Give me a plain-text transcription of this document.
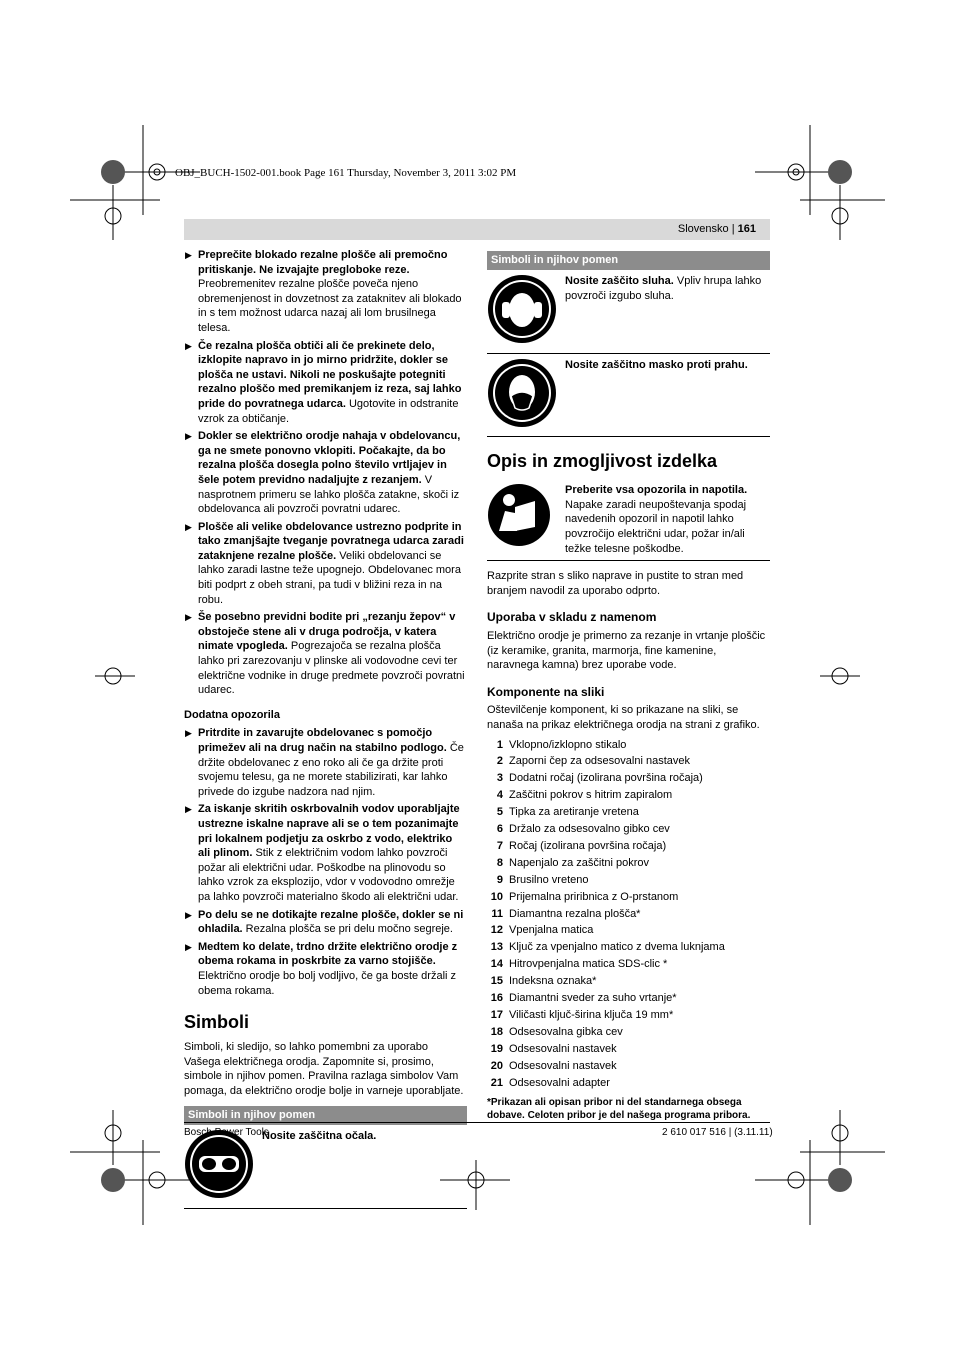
OBJ_BUCH-1502-001.book Page 161 Thursday, November 3, 2011 3:02 PM
Slovensko | 161
▶ Preprečite blokado rezalne plošče ali premočno pritiskanje. Ne izvajajte pregloboke reze. Preobremenitev rezalne plošče poveča njeno obremenjenost in dovzetnost za zataknitev ali blokado in s tem možnost udarca nazaj ali lom brusilnega telesa.
▶ Če rezalna plošča obtiči ali če prekinete delo, izklopite napravo in jo mirno pridržite, dokler se plošča ne ustavi. Nikoli ne poskušajte potegniti rezalno ploščo med premikanjem iz reza, saj lahko pride do povratnega udarca. Ugotovite in odstranite vzrok za obtičanje.
▶ Dokler se električno orodje nahaja v obdelovancu, ga ne smete ponovno vklopiti. Počakajte, da bo rezalna plošča dosegla polno število vrtljajev in šele potem previdno nadaljujte z rezanjem. V nasprotnem primeru se lahko plošča zatakne, skoči iz obdelovanca ali povzroči povratni udarec.
▶ Plošče ali velike obdelovance ustrezno podprite in tako zmanjšajte tveganje povratnega udarca zaradi zataknjene rezalne plošče. Veliki obdelovanci se lahko zaradi lastne teže upognejo. Obdelovanec mora biti podprt z obeh strani, pa tudi v bližini reza in na robu.
▶ Še posebno previdni bodite pri „rezanju žepov“ v obstoječe stene ali v druga področja, v katera nimate vpogleda. Pogrezajoča se rezalna plošča lahko pri zarezovanju v plinske ali vodovodne cevi ter električne vodnike in druge predmete povzroči povratni udarec.
Dodatna opozorila
▶ Pritrdite in zavarujte obdelovanec s pomočjo primežev ali na drug način na stabilno podlogo. Če držite obdelovanec z eno roko ali če ga držite proti svojemu telesu, ga ne morete stabilizirati, kar lahko privede do izgube nadzora nad njim.
▶ Za iskanje skritih oskrbovalnih vodov uporabljajte ustrezne iskalne naprave ali se o tem pozanimajte pri lokalnem podjetju za oskrbo z vodo, elektriko ali plinom. Stik z električnim vodom lahko povzroči požar ali električni udar. Poškodbe na plinovodu so lahko vzrok za eksplozijo, vdor v vodovodno omrežje pa lahko povzroči materialno škodo ali električni udar.
▶ Po delu se ne dotikajte rezalne plošče, dokler se ni ohladila. Rezalna plošča se pri delu močno segreje.
▶ Medtem ko delate, trdno držite električno orodje z obema rokama in poskrbite za varno stojišče. Električno orodje bo bolj vodljivo, če ga boste držali z obema rokama.
Simboli

Simboli, ki sledijo, so lahko pomembni za uporabo Vašega električnega orodja. Zapomnite si, prosimo, simbole in njihov pomen. Pravilna razlaga simbolov Vam pomaga, da električno orodje bolje in varneje uporabljate.

Simboli in njihov pomen
Nosite zaščitna očala.
Simboli in njihov pomen
Nosite zaščito sluha. Vpliv hrupa lahko povzroči izgubo sluha.
Nosite zaščitno masko proti prahu.
Opis in zmogljivost izdelka
Preberite vsa opozorila in napotila. Napake zaradi neupoštevanja spodaj navedenih opozoril in napotil lahko povzročijo električni udar, požar in/ali težke telesne poškodbe.

Razprite stran s sliko naprave in pustite to stran med branjem navodil za uporabo odprto.

Uporaba v skladu z namenom

Električno orodje je primerno za rezanje in vrtanje ploščic (iz keramike, granita, marmorja, fine kamenine, naravnega kamna) brez uporabe vode.

Komponente na sliki

Oštevilčenje komponent, ki so prikazane na sliki, se nanaša na prikaz električnega orodja na strani z grafiko.

1 Vklopno/izklopno stikalo
2 Zaporni čep za odsesovalni nastavek
3 Dodatni ročaj (izolirana površina ročaja)
4 Zaščitni pokrov s hitrim zapiralom
5 Tipka za aretiranje vretena
6 Držalo za odsesovalno gibko cev
7 Ročaj (izolirana površina ročaja)
8 Napenjalo za zaščitni pokrov
9 Brusilno vreteno
10 Prijemalna priribnica z O-prstanom
11 Diamantna rezalna plošča*
12 Vpenjalna matica
13 Ključ za vpenjalno matico z dvema luknjama
14 Hitrovpenjalna matica SDS-clic *
15 Indeksna oznaka*
16 Diamantni sveder za suho vrtanje*
17 Viličasti ključ-širina ključa 19 mm*
18 Odsesovalna gibka cev
19 Odsesovalni nastavek
20 Odsesovalni nastavek
21 Odsesovalni adapter
*Prikazan ali opisan pribor ni del standarnega obsega dobave. Celoten pribor je del našega programa pribora.
Bosch Power Tools	2 610 017 516 | (3.11.11)
